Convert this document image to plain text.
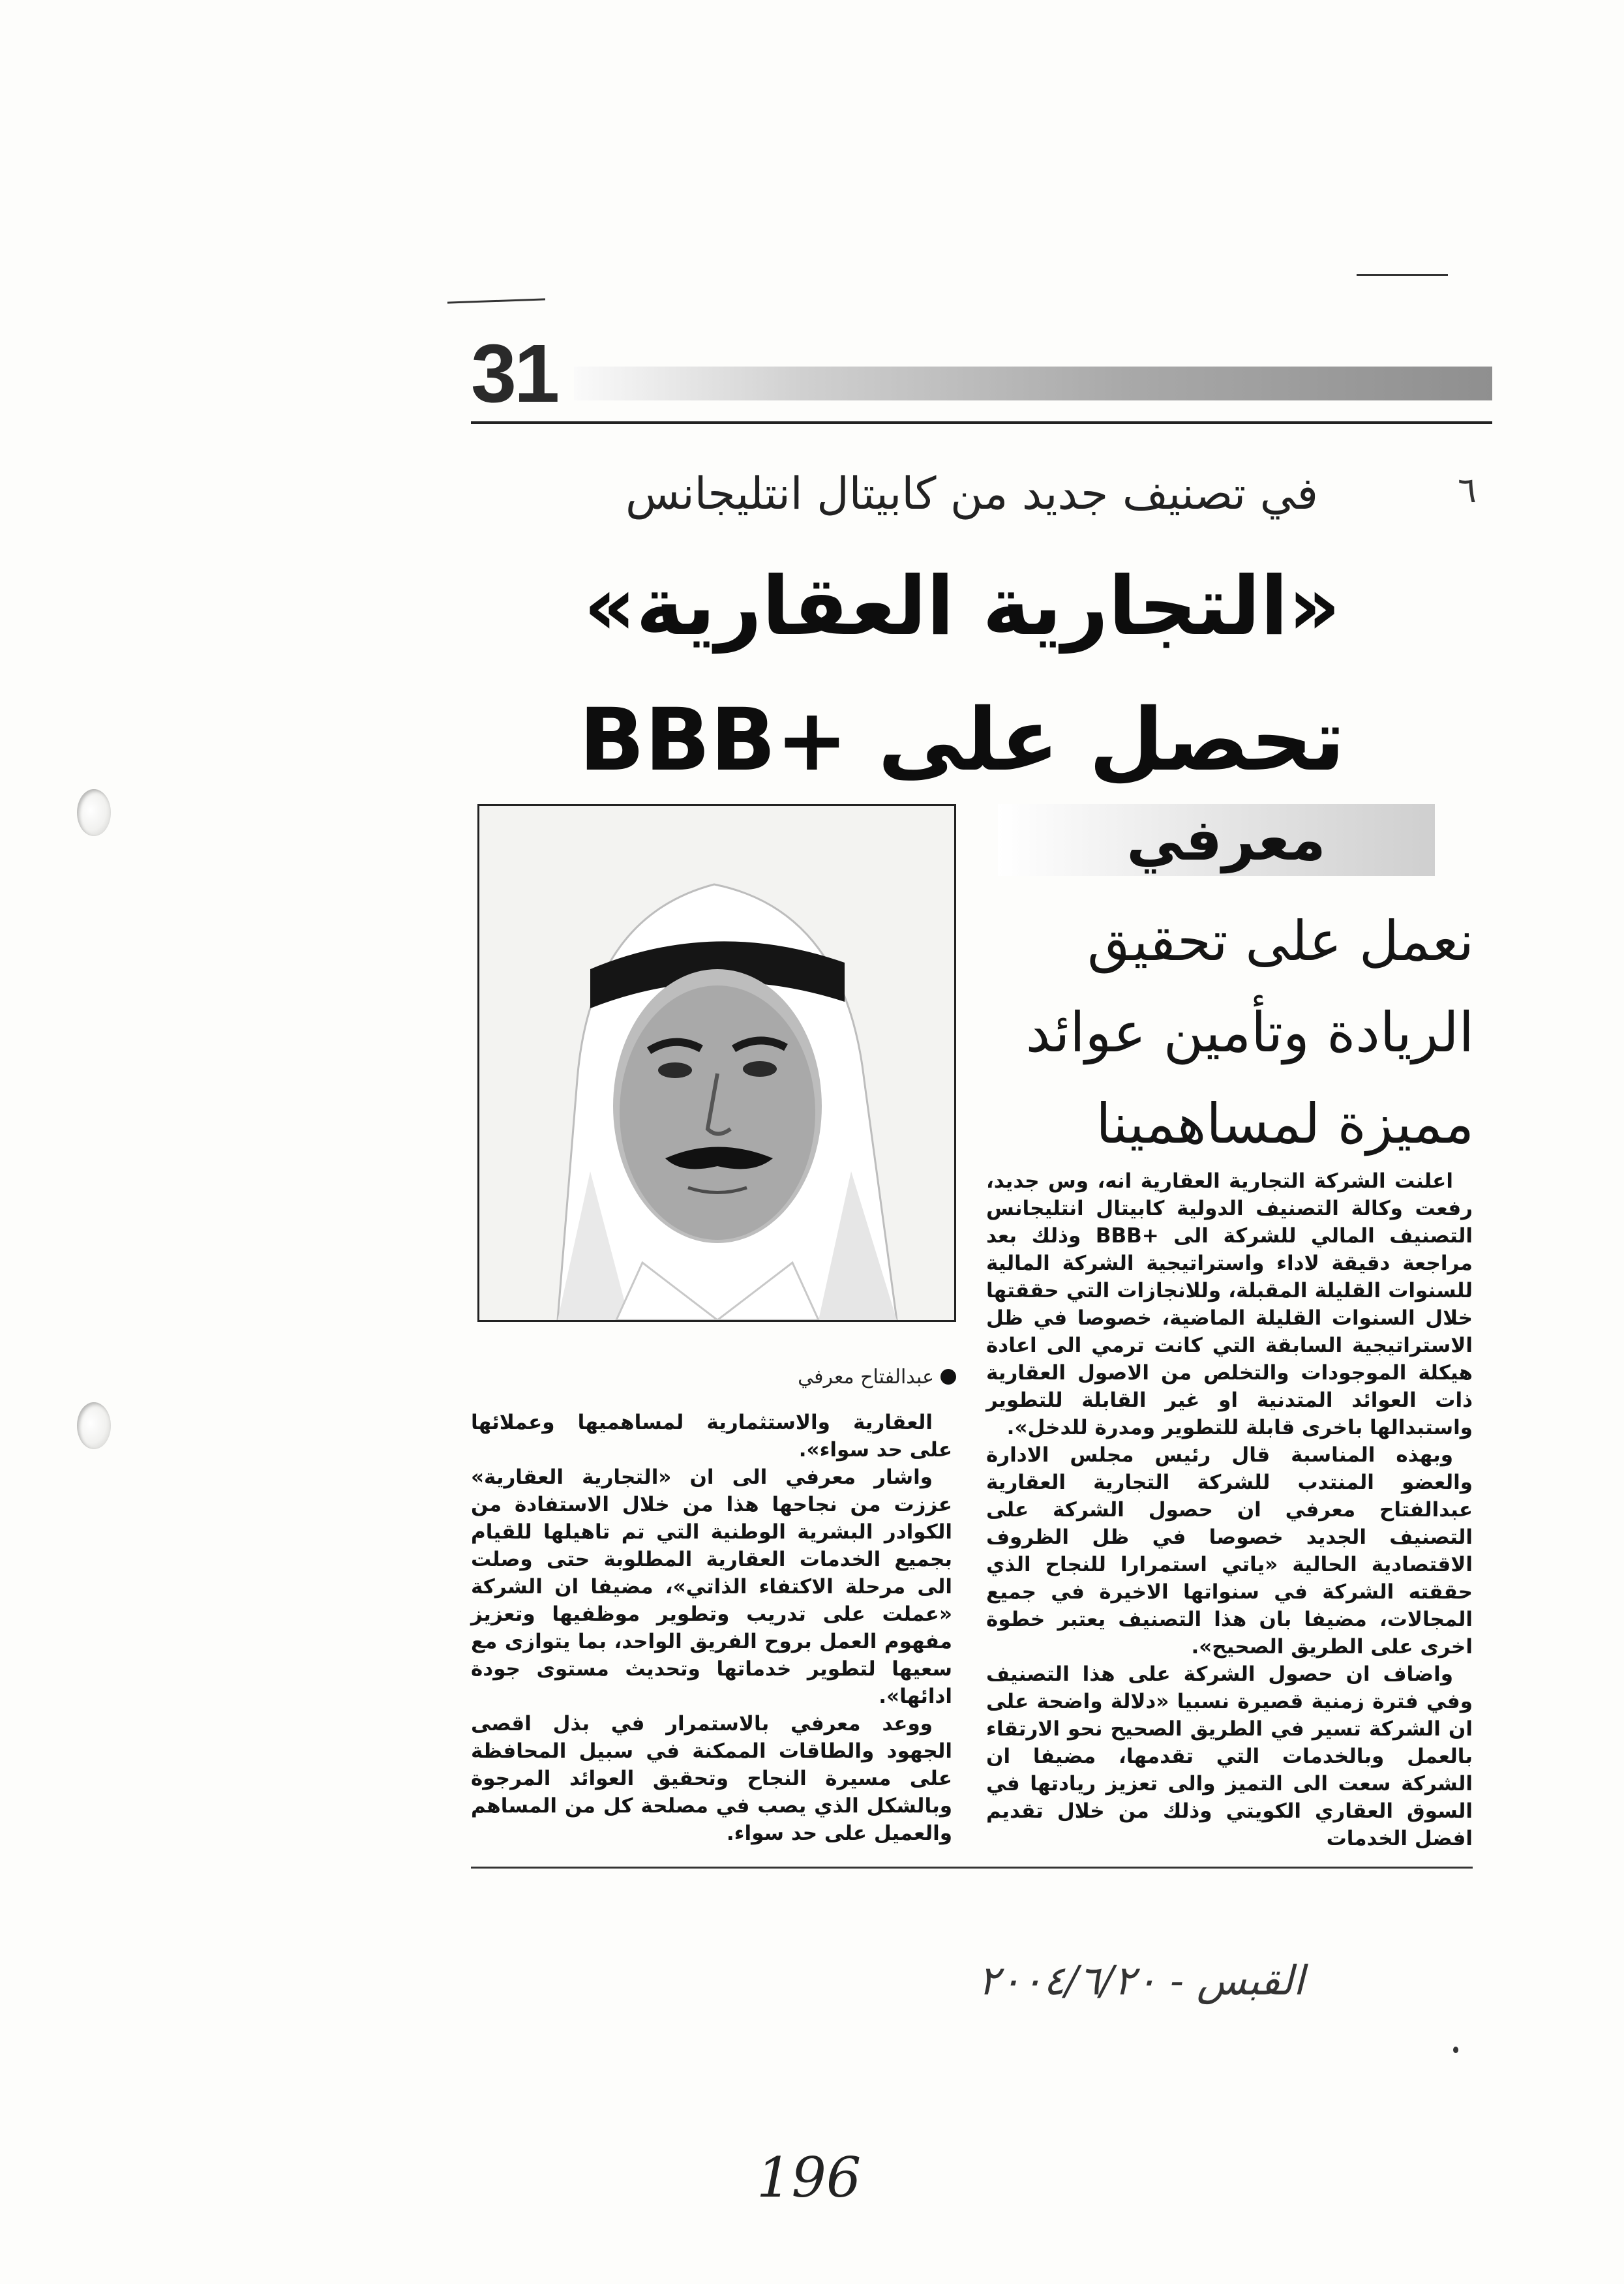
31
٦
في تصنيف جديد من كابيتال انتليجانس
«التجارية العقارية»
تحصل على +BBB
عبدالفتاح معرفي
معرفي
نعمل على تحقيق
الريادة وتأمين عوائد
مميزة لمساهمينا

اعلنت الشركة التجارية العقارية انه، وس جديد، رفعت وكالة التصنيف الدولية كابيتال انتليجانس التصنيف المالي للشركة الى +BBB وذلك بعد مراجعة دقيقة لاداء واستراتيجية الشركة المالية للسنوات القليلة المقبلة، وللانجازات التي حققتها خلال السنوات القليلة الماضية، خصوصا في ظل الاستراتيجية السابقة التي كانت ترمي الى اعادة هيكلة الموجودات والتخلص من الاصول العقارية ذات العوائد المتدنية او غير القابلة للتطوير واستبدالها باخرى قابلة للتطوير ومدرة للدخل».

وبهذه المناسبة قال رئيس مجلس الادارة والعضو المنتدب للشركة التجارية العقارية عبدالفتاح معرفي ان حصول الشركة على التصنيف الجديد خصوصا في ظل الظروف الاقتصادية الحالية «ياتي استمرارا للنجاح الذي حققته الشركة في سنواتها الاخيرة في جميع المجالات، مضيفا بان هذا التصنيف يعتبر خطوة اخرى على الطريق الصحيح».

واضاف ان حصول الشركة على هذا التصنيف وفي فترة زمنية قصيرة نسبيا «دلالة واضحة على ان الشركة تسير في الطريق الصحيح نحو الارتقاء بالعمل وبالخدمات التي تقدمها، مضيفا ان الشركة سعت الى التميز والى تعزيز ريادتها في السوق العقاري الكويتي وذلك من خلال تقديم افضل الخدمات

العقارية والاستثمارية لمساهميها وعملائها على حد سواء».

واشار معرفي الى ان «التجارية العقارية» عززت من نجاحها هذا من خلال الاستفادة من الكوادر البشرية الوطنية التي تم تاهيلها للقيام بجميع الخدمات العقارية المطلوبة حتى وصلت الى مرحلة الاكتفاء الذاتي»، مضيفا ان الشركة «عملت على تدريب وتطوير موظفيها وتعزيز مفهوم العمل بروح الفريق الواحد، بما يتوازى مع سعيها لتطوير خدماتها وتحديث مستوى جودة ادائها».

ووعد معرفي بالاستمرار في بذل اقصى الجهود والطاقات الممكنة في سبيل المحافظة على مسيرة النجاح وتحقيق العوائد المرجوة وبالشكل الذي يصب في مصلحة كل من المساهم والعميل على حد سواء.

القبس - ٢٠٠٤/٦/٢٠
196
